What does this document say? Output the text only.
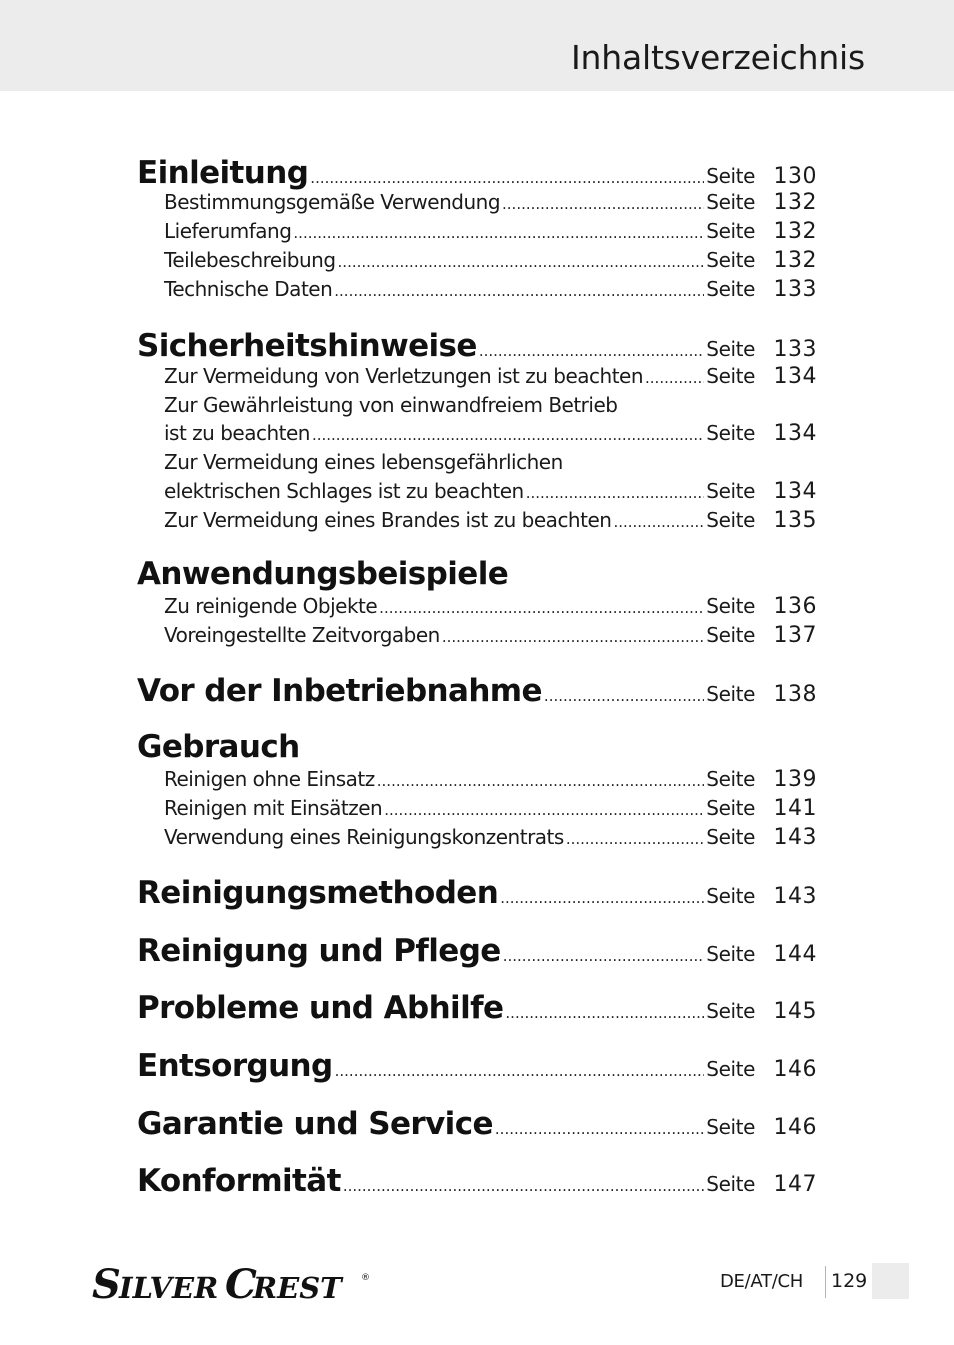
Inhaltsverzeichnis
Einleitung .....	Seite 130
Bestimmungsgemäße Verwendung .....	Seite 132
Lieferumfang .....	Seite 132
Teilebeschreibung .....	Seite 132
Technische Daten .....	Seite 133
Sicherheitshinweise .....	Seite 133
Zur Vermeidung von Verletzungen ist zu beachten .....	Seite 134
Zur Gewährleistung von einwandfreiem Betrieb
ist zu beachten .....	Seite 134
Zur Vermeidung eines lebensgefährlichen
elektrischen Schlages ist zu beachten .....	Seite 134
Zur Vermeidung eines Brandes ist zu beachten .....	Seite 135
Anwendungsbeispiele
Zu reinigende Objekte .....	Seite 136
Voreingestellte Zeitvorgaben .....	Seite 137
Vor der Inbetriebnahme .....	Seite 138
Gebrauch
Reinigen ohne Einsatz .....	Seite 139
Reinigen mit Einsätzen .....	Seite 141
Verwendung eines Reinigungskonzentrats .....	Seite 143
Reinigungsmethoden .....	Seite 143
Reinigung und Pflege .....	Seite 144
Probleme und Abhilfe .....	Seite 145
Entsorgung .....	Seite 146
Garantie und Service .....	Seite 146
Konformität .....	Seite 147
S
ILVER C
REST ®	DE/AT/CH 129
